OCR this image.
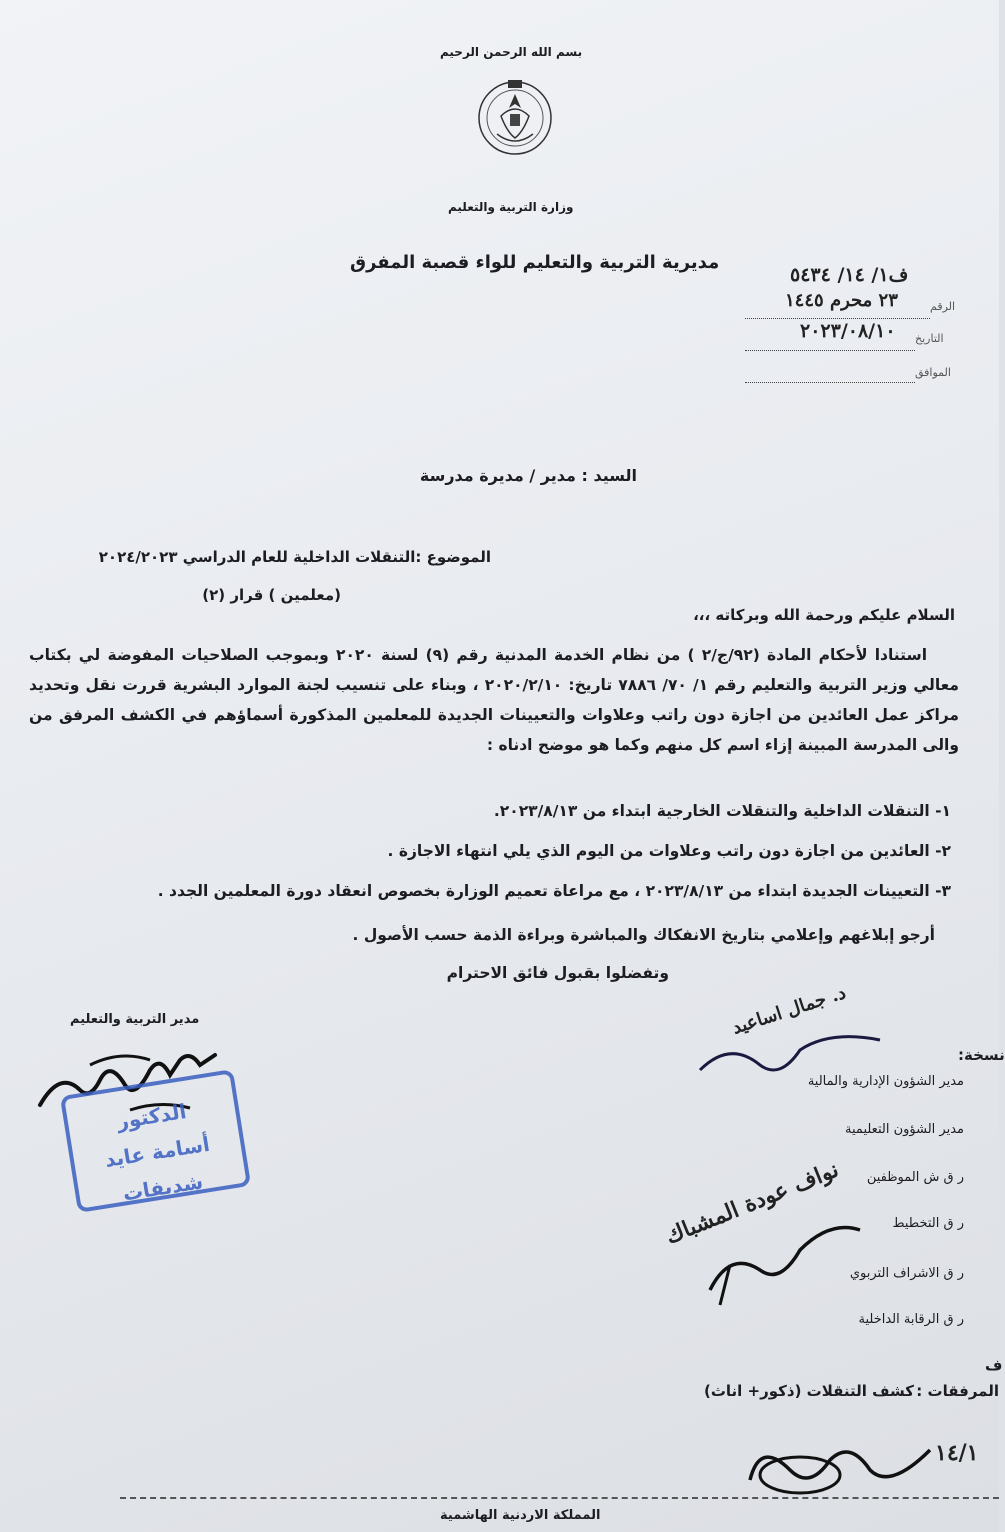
بسم الله الرحمن الرحيم
وزارة التربية والتعليم
مديرية التربية والتعليم للواء قصبة المفرق
ف١/ ١٤/ ٥٤٣٤
الرقم
٢٣ محرم ١٤٤٥
التاريخ
٢٠٢٣/٠٨/١٠
الموافق
السيد : مدير / مديرة مدرسة
الموضوع :التنقلات الداخلية للعام الدراسي ٢٠٢٤/٢٠٢٣
(معلمين ) قرار (٢)
السلام عليكم ورحمة الله وبركاته ،،،

استنادا لأحكام المادة (٩٢/ج/٢ ) من نظام الخدمة المدنية رقم (٩) لسنة ٢٠٢٠ وبموجب الصلاحيات المفوضة لي بكتاب معالي وزير التربية والتعليم رقم ١/ ٧٠/ ٧٨٨٦ تاريخ: ٢٠٢٠/٢/١٠ ، وبناء على تنسيب لجنة الموارد البشرية قررت نقل وتحديد مراكز عمل العائدين من اجازة دون راتب وعلاوات والتعيينات الجديدة للمعلمين المذكورة أسماؤهم في الكشف المرفق من والى المدرسة المبينة إزاء اسم كل منهم وكما هو موضح ادناه :

١- التنقلات الداخلية والتنقلات الخارجية ابتداء من ٢٠٢٣/٨/١٣.
٢- العائدين من اجازة دون راتب وعلاوات من اليوم الذي يلي انتهاء الاجازة .
٣- التعيينات الجديدة ابتداء من ٢٠٢٣/٨/١٣ ، مع مراعاة تعميم الوزارة بخصوص انعقاد دورة المعلمين الجدد .
أرجو إبلاغهم وإعلامي بتاريخ الانفكاك والمباشرة وبراءة الذمة حسب الأصول .
وتفضلوا بقبول فائق الاحترام
مدير التربية والتعليم
الدكتور
أسامة عايد شديفات
د. جمال اساعيد
نسخة:
مدير الشؤون الإدارية والمالية
مدير الشؤون التعليمية
ر ق ش الموظفين
ر ق التخطيط
ر ق الاشراف التربوي
ر ق الرقابة الداخلية
نواف عودة المشباك
ف
المرفقات :
كشف التنقلات (ذكور+ اناث)
١٤/١
المملكة الاردنية الهاشمية
